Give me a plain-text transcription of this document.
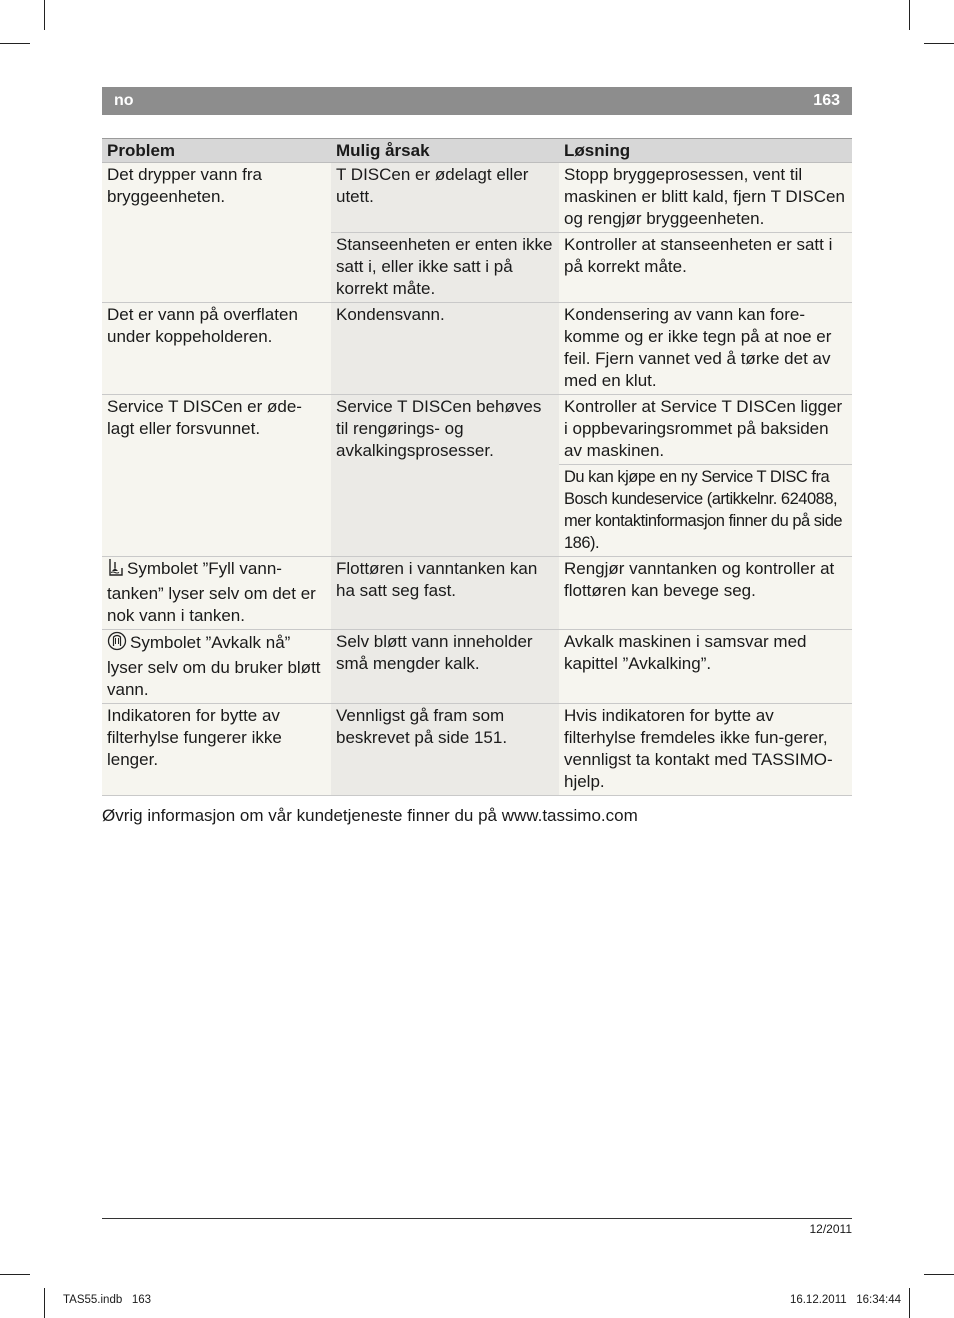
no	163
Problem	Mulig årsak	Løsning
Det drypper vann fra bryggeenheten.	T DISCen er ødelagt eller utett.	Stopp bryggeprosessen, vent til maskinen er blitt kald, fjern T DISCen og rengjør bryggeenheten.
	Stanseenheten er enten ikke satt i, eller ikke satt i på korrekt måte.	Kontroller at stanseenheten er satt i på korrekt måte.
Det er vann på overflaten under koppeholderen.	Kondensvann.	Kondensering av vann kan fore-komme og er ikke tegn på at noe er feil. Fjern vannet ved å tørke det av med en klut.
Service T DISCen er øde-lagt eller forsvunnet.	Service T DISCen behøves til rengørings- og avkalkingsprosesser.	Kontroller at Service T DISCen ligger i oppbevaringsrommet på baksiden av maskinen.
		Du kan kjøpe en ny Service T DISC fra Bosch kundeservice (artikkelnr. 624088, mer kontaktinformasjon finner du på side 186).
Symbolet ”Fyll vann-tanken” lyser selv om det er nok vann i tanken.	Flottøren i vanntanken kan ha satt seg fast.	Rengjør vanntanken og kontroller at flottøren kan bevege seg.
Symbolet ”Avkalk nå” lyser selv om du bruker bløtt vann.	Selv bløtt vann inneholder små mengder kalk.	Avkalk maskinen i samsvar med kapittel ”Avkalking”.
Indikatoren for bytte av filterhylse fungerer ikke lenger.	Vennligst gå fram som beskrevet på side 151.	Hvis indikatoren for bytte av filterhylse fremdeles ikke fun-gerer, vennligst ta kontakt med TASSIMO-hjelp.
Øvrig informasjon om vår kundetjeneste finner du på www.tassimo.com
12/2011
TAS55.indb   163	16.12.2011   16:34:44
